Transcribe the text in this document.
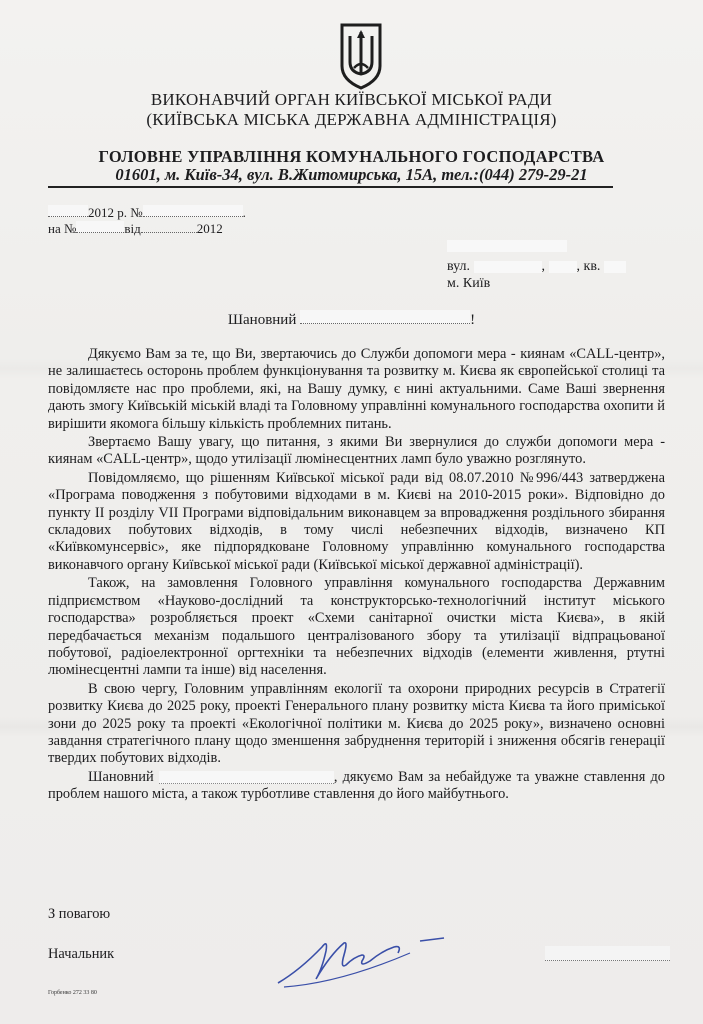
ВИКОНАВЧИЙ ОРГАН КИЇВСЬКОЇ МІСЬКОЇ РАДИ
(КИЇВСЬКА МІСЬКА ДЕРЖАВНА АДМІНІСТРАЦІЯ)
ГОЛОВНЕ УПРАВЛІННЯ КОМУНАЛЬНОГО ГОСПОДАРСТВА
01601, м. Київ-34, вул. В.Житомирська, 15А, тел.:(044) 279-29-21
2012 р. №	.
на №	від	2012
вул.	, , кв.
м. Київ
Шановний	!

Дякуємо Вам за те, що Ви, звертаючись до Служби допомоги мера - киянам «CALL-центр», не залишаєтесь осторонь проблем функціонування та розвитку м. Києва як європейської столиці та повідомляєте нас про проблеми, які, на Вашу думку, є нині актуальними. Саме Ваші звернення дають змогу Київській міській владі та Головному управлінні комунального господарства охопити й вирішити якомога більшу кількість проблемних питань.

Звертаємо Вашу увагу, що питання, з якими Ви звернулися до служби допомоги мера - киянам «CALL-центр», щодо утилізації люмінесцентних ламп було уважно розглянуто.

Повідомляємо, що рішенням Київської міської ради від 08.07.2010 №996/443 затверджена «Програма поводження з побутовими відходами в м. Києві на 2010-2015 роки». Відповідно до пункту II розділу VII Програми відповідальним виконавцем за впровадження роздільного збирання складових побутових відходів, в тому числі небезпечних відходів, визначено КП «Київкомунсервіс», яке підпорядковане Головному управлінню комунального господарства виконавчого органу Київської міської ради (Київської міської державної адміністрації).

Також, на замовлення Головного управління комунального господарства Державним підприємством «Науково-дослідний та конструкторсько-технологічний інститут міського господарства» розробляється проект «Схеми санітарної очистки міста Києва», в якій передбачається механізм подальшого централізованого збору та утилізації відпрацьованої побутової, радіоелектронної оргтехніки та небезпечних відходів (елементи живлення, ртутні люмінесцентні лампи та інше) від населення.

В свою чергу, Головним управлінням екології та охорони природних ресурсів в Стратегії розвитку Києва до 2025 року, проекті Генерального плану розвитку міста Києва та його приміської зони до 2025 року та проекті «Екологічної політики м. Києва до 2025 року», визначено основні завдання стратегічного плану щодо зменшення забруднення територій і зниження обсягів генерації твердих побутових відходів.

Шановний	, дякуємо Вам за небайдуже та уважне ставлення до проблем нашого міста, а також турботливе ставлення до його майбутнього.

З повагою
Начальник
Горбенко 272 33 80
